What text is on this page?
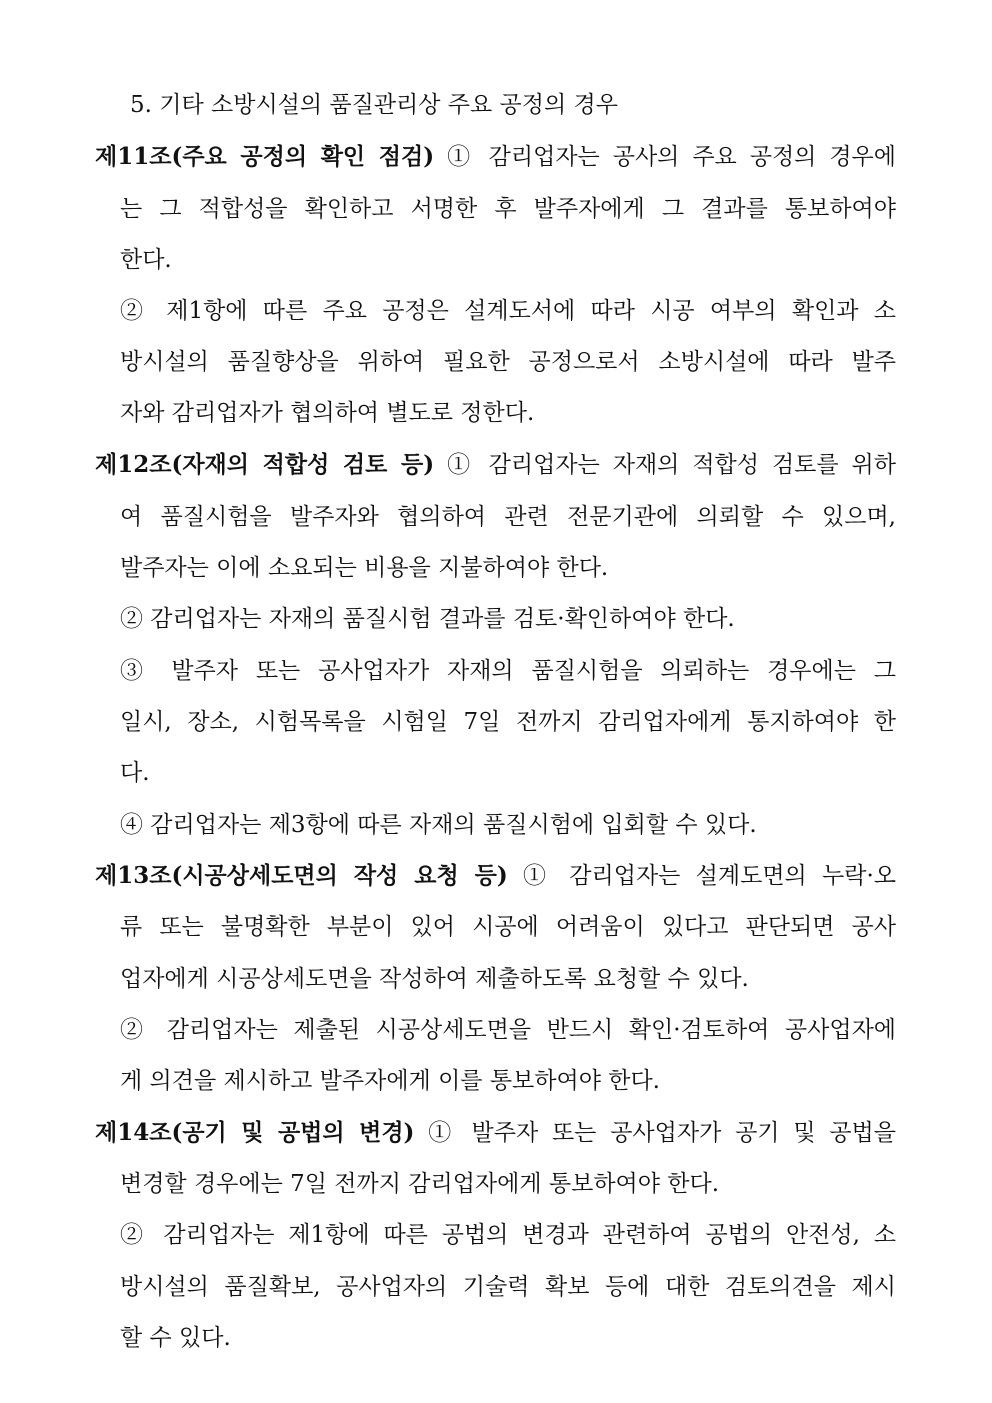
5. 기타 소방시설의 품질관리상 주요 공정의 경우
제11조(주요 공정의 확인 점검) ① 감리업자는 공사의 주요 공정의 경우에
는 그 적합성을 확인하고 서명한 후 발주자에게 그 결과를 통보하여야
한다.
② 제1항에 따른 주요 공정은 설계도서에 따라 시공 여부의 확인과 소
방시설의 품질향상을 위하여 필요한 공정으로서 소방시설에 따라 발주
자와 감리업자가 협의하여 별도로 정한다.
제12조(자재의 적합성 검토 등) ① 감리업자는 자재의 적합성 검토를 위하
여 품질시험을 발주자와 협의하여 관련 전문기관에 의뢰할 수 있으며,
발주자는 이에 소요되는 비용을 지불하여야 한다.
② 감리업자는 자재의 품질시험 결과를 검토·확인하여야 한다.
③ 발주자 또는 공사업자가 자재의 품질시험을 의뢰하는 경우에는 그
일시, 장소, 시험목록을 시험일 7일 전까지 감리업자에게 통지하여야 한
다.
④ 감리업자는 제3항에 따른 자재의 품질시험에 입회할 수 있다.
제13조(시공상세도면의 작성 요청 등) ① 감리업자는 설계도면의 누락·오
류 또는 불명확한 부분이 있어 시공에 어려움이 있다고 판단되면 공사
업자에게 시공상세도면을 작성하여 제출하도록 요청할 수 있다.
② 감리업자는 제출된 시공상세도면을 반드시 확인·검토하여 공사업자에
게 의견을 제시하고 발주자에게 이를 통보하여야 한다.
제14조(공기 및 공법의 변경) ① 발주자 또는 공사업자가 공기 및 공법을
변경할 경우에는 7일 전까지 감리업자에게 통보하여야 한다.
② 감리업자는 제1항에 따른 공법의 변경과 관련하여 공법의 안전성, 소
방시설의 품질확보, 공사업자의 기술력 확보 등에 대한 검토의견을 제시
할 수 있다.
